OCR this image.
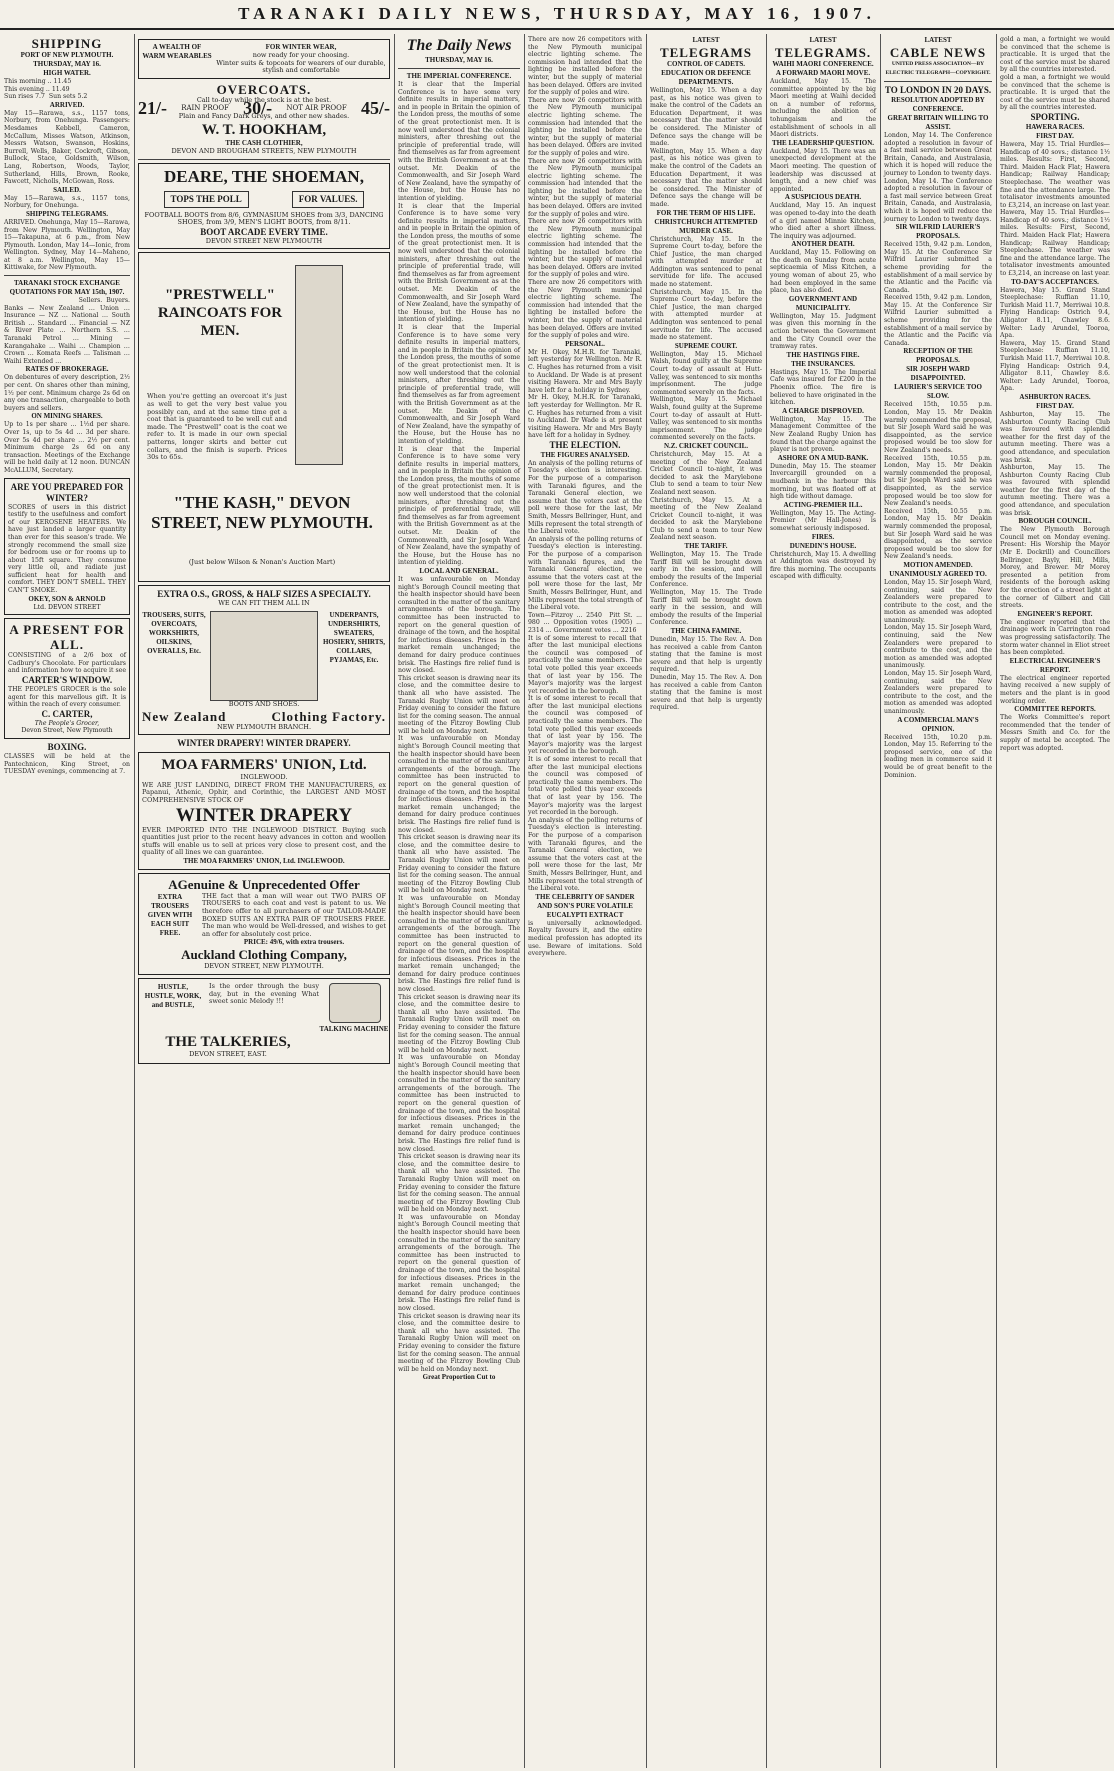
TARANAKI DAILY NEWS, THURSDAY, MAY 16, 1907.
SHIPPING
PORT OF NEW PLYMOUTH.
THURSDAY, MAY 16.
HIGH WATER.
This morning .. 11.45
This evening .. 11.49
Sun rises 7.7  Sun sets 5.2
ARRIVED.
May 15—Rarawa, s.s., 1157 tons, Norbury, from Onehunga. Passengers: Mesdames Kebbell, Cameron, McCallum, Misses Watson, Atkinson, Messrs Watson, Swanson, Hoskins, Burrell, Wells, Baker, Cockroft, Gibson, Bullock, Stace, Goldsmith, Wilson, Lang, Robertson, Woods, Taylor, Sutherland, Hills, Brown, Rooke, Fawcett, Nicholls, McGowan, Ross.
SAILED.
May 15—Rarawa, s.s., 1157 tons, Norbury, for Onehunga.
SHIPPING TELEGRAMS.
ARRIVED. Onehunga, May 15—Rarawa, from New Plymouth. Wellington, May 15—Takapuna, at 6 p.m., from New Plymouth. London, May 14—Ionic, from Wellington. Sydney, May 14—Maheno, at 8 a.m. Wellington, May 15—Kittiwake, for New Plymouth.
TARANAKI STOCK EXCHANGE
QUOTATIONS FOR MAY 15th, 1907.
Sellers.  Buyers.
Banks — New Zealand … Union … Insurance — NZ … National … South British … Standard … Financial — NZ & River Plate … Northern S.S. … Taranaki Petrol … Mining — Karangahake … Waihi … Champion … Crown … Komata Reefs … Talisman … Waihi Extended …
RATES OF BROKERAGE.
On debentures of every description, 2½ per cent. On shares other than mining, 1½ per cent. Minimum charge 2s 6d on any one transaction, chargeable to both buyers and sellers.
ON MINING SHARES.
Up to 1s per share … 1½d per share. Over 1s, up to 5s 4d … 3d per share. Over 5s 4d per share … 2½ per cent. Minimum charge 2s 6d on any transaction. Meetings of the Exchange will be held daily at 12 noon. DUNCAN McALLUM, Secretary.
ARE YOU PREPARED FOR WINTER?
SCORES of users in this district testify to the usefulness and comfort of our KEROSENE HEATERS. We have just landed a larger quantity than ever for this season's trade. We strongly recommend the small size for bedroom use or for rooms up to about 15ft square. They consume very little oil, and radiate just sufficient heat for health and comfort. THEY DON'T SMELL. THEY CAN'T SMOKE.
OKEY, SON & ARNOLD
Ltd. DEVON STREET
A PRESENT FOR ALL.
CONSISTING of a 2/6 box of Cadbury's Chocolate. For particulars and information how to acquire it see
CARTER'S WINDOW.
THE PEOPLE'S GROCER is the sole agent for this marvellous gift. It is within the reach of every consumer.
C. CARTER,
The People's Grocer,
Devon Street, New Plymouth
BOXING.
CLASSES will be held at the Pantechnicon, King Street, on TUESDAY evenings, commencing at 7.
A WEALTH OF WARM WEARABLES
FOR WINTER WEAR,
now ready for your choosing.
Winter suits & topcoats for wearers of our durable, stylish and comfortable
OVERCOATS.
Call to-day while the stock is at the best.
21/- RAIN PROOF 30/- NOT AIR PROOF 45/-
Plain and Fancy Dark Greys, and other new shades.
W. T. HOOKHAM,
THE CASH CLOTHIER,
DEVON AND BROUGHAM STREETS, NEW PLYMOUTH
DEARE, THE SHOEMAN,
TOPS THE POLL	FOR VALUES.
FOOTBALL BOOTS from 8/6, GYMNASIUM SHOES from 3/3, DANCING SHOES, from 3/9, MEN'S LIGHT BOOTS, from 8/11.
BOOT ARCADE EVERY TIME.
DEVON STREET NEW PLYMOUTH
"PRESTWELL" RAINCOATS FOR MEN.
When you're getting an overcoat it's just as well to get the very best value you possibly can, and at the same time get a coat that is guaranteed to be well cut and made. The "Prestwell" coat is the coat we refer to. It is made in our own special patterns, longer skirts and better cut collars, and the finish is superb. Prices 30s to 65s.
"THE KASH," DEVON STREET, NEW PLYMOUTH.
(Just below Wilson & Nonan's Auction Mart)
EXTRA O.S., GROSS, & HALF SIZES A SPECIALTY.
WE CAN FIT THEM ALL IN
TROUSERS, SUITS, OVERCOATS, WORKSHIRTS, OILSKINS, OVERALLS, Etc.
UNDERPANTS, UNDERSHIRTS, SWEATERS, HOSIERY, SHIRTS, COLLARS, PYJAMAS, Etc.
BOOTS AND SHOES.
New Zealand	Clothing Factory.
NEW PLYMOUTH BRANCH.
WINTER DRAPERY! WINTER DRAPERY.
MOA FARMERS' UNION, Ltd.
INGLEWOOD.
WE ARE JUST LANDING, DIRECT FROM THE MANUFACTURERS, ex Papanui, Athenic, Ophir, and Corinthic, the LARGEST AND MOST COMPREHENSIVE STOCK OF
WINTER DRAPERY
EVER IMPORTED INTO THE INGLEWOOD DISTRICT. Buying such quantities just prior to the recent heavy advances in cotton and woollen stuffs will enable us to sell at prices very close to present cost, and the quality of all lines we can guarantee.
THE MOA FARMERS' UNION, Ltd. INGLEWOOD.
AGenuine & Unprecedented Offer
EXTRA TROUSERS GIVEN WITH EACH SUIT FREE.
THE fact that a man will wear out TWO PAIRS OF TROUSERS to each coat and vest is patent to us. We therefore offer to all purchasers of our TAILOR-MADE BOXED SUITS AN EXTRA PAIR OF TROUSERS FREE. The man who would be Well-dressed, and wishes to get an offer for absolutely cost price.
PRICE: 49/6, with extra trousers.
Auckland Clothing Company,
DEVON STREET, NEW PLYMOUTH.
HUSTLE, HUSTLE, WORK, and BUSTLE,
Is the order through the busy day, but in the evening What sweet sonic Melody !!!
TALKING MACHINE
THE TALKERIES,
DEVON STREET, EAST.
The Daily News
THURSDAY, MAY 16.
THE IMPERIAL CONFERENCE.
It is clear that the Imperial Conference is to have some very definite results in imperial matters, and in people in Britain the opinion of the London press, the mouths of some of the great protectionist men. It is now well understood that the colonial ministers, after threshing out the principle of preferential trade, will find themselves as far from agreement with the British Government as at the outset. Mr. Deakin of the Commonwealth, and Sir Joseph Ward of New Zealand, have the sympathy of the House, but the House has no intention of yielding.
It is clear that the Imperial Conference is to have some very definite results in imperial matters, and in people in Britain the opinion of the London press, the mouths of some of the great protectionist men. It is now well understood that the colonial ministers, after threshing out the principle of preferential trade, will find themselves as far from agreement with the British Government as at the outset. Mr. Deakin of the Commonwealth, and Sir Joseph Ward of New Zealand, have the sympathy of the House, but the House has no intention of yielding.
It is clear that the Imperial Conference is to have some very definite results in imperial matters, and in people in Britain the opinion of the London press, the mouths of some of the great protectionist men. It is now well understood that the colonial ministers, after threshing out the principle of preferential trade, will find themselves as far from agreement with the British Government as at the outset. Mr. Deakin of the Commonwealth, and Sir Joseph Ward of New Zealand, have the sympathy of the House, but the House has no intention of yielding.
It is clear that the Imperial Conference is to have some very definite results in imperial matters, and in people in Britain the opinion of the London press, the mouths of some of the great protectionist men. It is now well understood that the colonial ministers, after threshing out the principle of preferential trade, will find themselves as far from agreement with the British Government as at the outset. Mr. Deakin of the Commonwealth, and Sir Joseph Ward of New Zealand, have the sympathy of the House, but the House has no intention of yielding.
LOCAL AND GENERAL.
It was unfavourable on Monday night's Borough Council meeting that the health inspector should have been consulted in the matter of the sanitary arrangements of the borough. The committee has been instructed to report on the general question of drainage of the town, and the hospital for infectious diseases. Prices in the market remain unchanged; the demand for dairy produce continues brisk. The Hastings fire relief fund is now closed.
This cricket season is drawing near its close, and the committee desire to thank all who have assisted. The Taranaki Rugby Union will meet on Friday evening to consider the fixture list for the coming season. The annual meeting of the Fitzroy Bowling Club will be held on Monday next.
It was unfavourable on Monday night's Borough Council meeting that the health inspector should have been consulted in the matter of the sanitary arrangements of the borough. The committee has been instructed to report on the general question of drainage of the town, and the hospital for infectious diseases. Prices in the market remain unchanged; the demand for dairy produce continues brisk. The Hastings fire relief fund is now closed.
This cricket season is drawing near its close, and the committee desire to thank all who have assisted. The Taranaki Rugby Union will meet on Friday evening to consider the fixture list for the coming season. The annual meeting of the Fitzroy Bowling Club will be held on Monday next.
It was unfavourable on Monday night's Borough Council meeting that the health inspector should have been consulted in the matter of the sanitary arrangements of the borough. The committee has been instructed to report on the general question of drainage of the town, and the hospital for infectious diseases. Prices in the market remain unchanged; the demand for dairy produce continues brisk. The Hastings fire relief fund is now closed.
This cricket season is drawing near its close, and the committee desire to thank all who have assisted. The Taranaki Rugby Union will meet on Friday evening to consider the fixture list for the coming season. The annual meeting of the Fitzroy Bowling Club will be held on Monday next.
It was unfavourable on Monday night's Borough Council meeting that the health inspector should have been consulted in the matter of the sanitary arrangements of the borough. The committee has been instructed to report on the general question of drainage of the town, and the hospital for infectious diseases. Prices in the market remain unchanged; the demand for dairy produce continues brisk. The Hastings fire relief fund is now closed.
This cricket season is drawing near its close, and the committee desire to thank all who have assisted. The Taranaki Rugby Union will meet on Friday evening to consider the fixture list for the coming season. The annual meeting of the Fitzroy Bowling Club will be held on Monday next.
It was unfavourable on Monday night's Borough Council meeting that the health inspector should have been consulted in the matter of the sanitary arrangements of the borough. The committee has been instructed to report on the general question of drainage of the town, and the hospital for infectious diseases. Prices in the market remain unchanged; the demand for dairy produce continues brisk. The Hastings fire relief fund is now closed.
This cricket season is drawing near its close, and the committee desire to thank all who have assisted. The Taranaki Rugby Union will meet on Friday evening to consider the fixture list for the coming season. The annual meeting of the Fitzroy Bowling Club will be held on Monday next.
Great Proportion Cut to
There are now 26 competitors with the New Plymouth municipal electric lighting scheme. The commission had intended that the lighting be installed before the winter, but the supply of material has been delayed. Offers are invited for the supply of poles and wire.
There are now 26 competitors with the New Plymouth municipal electric lighting scheme. The commission had intended that the lighting be installed before the winter, but the supply of material has been delayed. Offers are invited for the supply of poles and wire.
There are now 26 competitors with the New Plymouth municipal electric lighting scheme. The commission had intended that the lighting be installed before the winter, but the supply of material has been delayed. Offers are invited for the supply of poles and wire.
There are now 26 competitors with the New Plymouth municipal electric lighting scheme. The commission had intended that the lighting be installed before the winter, but the supply of material has been delayed. Offers are invited for the supply of poles and wire.
There are now 26 competitors with the New Plymouth municipal electric lighting scheme. The commission had intended that the lighting be installed before the winter, but the supply of material has been delayed. Offers are invited for the supply of poles and wire.
PERSONAL.
Mr H. Okey, M.H.R. for Taranaki, left yesterday for Wellington. Mr R. C. Hughes has returned from a visit to Auckland. Dr Wade is at present visiting Hawera. Mr and Mrs Bayly have left for a holiday in Sydney.
Mr H. Okey, M.H.R. for Taranaki, left yesterday for Wellington. Mr R. C. Hughes has returned from a visit to Auckland. Dr Wade is at present visiting Hawera. Mr and Mrs Bayly have left for a holiday in Sydney.
THE ELECTION.
THE FIGURES ANALYSED.
An analysis of the polling returns of Tuesday's election is interesting. For the purpose of a comparison with Taranaki figures, and the Taranaki General election, we assume that the voters cast at the poll were those for the last, Mr Smith, Messrs Bellringer, Hunt, and Mills represent the total strength of the Liberal vote.
An analysis of the polling returns of Tuesday's election is interesting. For the purpose of a comparison with Taranaki figures, and the Taranaki General election, we assume that the voters cast at the poll were those for the last, Mr Smith, Messrs Bellringer, Hunt, and Mills represent the total strength of the Liberal vote.
Town—Fitzroy ... 2540  Pitt St. ... 980 ... Opposition votes (1905) ... 2314 ... Government votes ... 2216
It is of some interest to recall that after the last municipal elections the council was composed of practically the same members. The total vote polled this year exceeds that of last year by 156. The Mayor's majority was the largest yet recorded in the borough.
It is of some interest to recall that after the last municipal elections the council was composed of practically the same members. The total vote polled this year exceeds that of last year by 156. The Mayor's majority was the largest yet recorded in the borough.
It is of some interest to recall that after the last municipal elections the council was composed of practically the same members. The total vote polled this year exceeds that of last year by 156. The Mayor's majority was the largest yet recorded in the borough.
An analysis of the polling returns of Tuesday's election is interesting. For the purpose of a comparison with Taranaki figures, and the Taranaki General election, we assume that the voters cast at the poll were those for the last, Mr Smith, Messrs Bellringer, Hunt, and Mills represent the total strength of the Liberal vote.
THE CELEBRITY OF SANDER AND SON'S PURE VOLATILE EUCALYPTI EXTRACT
is universally acknowledged. Royalty favours it, and the entire medical profession has adopted its use. Beware of imitations. Sold everywhere.
LATEST
TELEGRAMS
CONTROL OF CADETS.
EDUCATION OR DEFENCE DEPARTMENTS.
Wellington, May 15. When a day past, as his notice was given to make the control of the Cadets an Education Department, it was necessary that the matter should be considered. The Minister of Defence says the change will be made.
Wellington, May 15. When a day past, as his notice was given to make the control of the Cadets an Education Department, it was necessary that the matter should be considered. The Minister of Defence says the change will be made.
FOR THE TERM OF HIS LIFE.
CHRISTCHURCH ATTEMPTED MURDER CASE.
Christchurch, May 15. In the Supreme Court to-day, before the Chief Justice, the man charged with attempted murder at Addington was sentenced to penal servitude for life. The accused made no statement.
Christchurch, May 15. In the Supreme Court to-day, before the Chief Justice, the man charged with attempted murder at Addington was sentenced to penal servitude for life. The accused made no statement.
SUPREME COURT.
Wellington, May 15. Michael Walsh, found guilty at the Supreme Court to-day of assault at Hutt-Valley, was sentenced to six months imprisonment. The judge commented severely on the facts.
Wellington, May 15. Michael Walsh, found guilty at the Supreme Court to-day of assault at Hutt-Valley, was sentenced to six months imprisonment. The judge commented severely on the facts.
N.Z. CRICKET COUNCIL.
Christchurch, May 15. At a meeting of the New Zealand Cricket Council to-night, it was decided to ask the Marylebone Club to send a team to tour New Zealand next season.
Christchurch, May 15. At a meeting of the New Zealand Cricket Council to-night, it was decided to ask the Marylebone Club to send a team to tour New Zealand next season.
THE TARIFF.
Wellington, May 15. The Trade Tariff Bill will be brought down early in the session, and will embody the results of the Imperial Conference.
Wellington, May 15. The Trade Tariff Bill will be brought down early in the session, and will embody the results of the Imperial Conference.
THE CHINA FAMINE.
Dunedin, May 15. The Rev. A. Don has received a cable from Canton stating that the famine is most severe and that help is urgently required.
Dunedin, May 15. The Rev. A. Don has received a cable from Canton stating that the famine is most severe and that help is urgently required.
LATEST
TELEGRAMS.
WAIHI MAORI CONFERENCE.
A FORWARD MAORI MOVE.
Auckland, May 15. The committee appointed by the big Maori meeting at Waihi decided on a number of reforms, including the abolition of tohungaism and the establishment of schools in all Maori districts.
THE LEADERSHIP QUESTION.
Auckland, May 15. There was an unexpected development at the Maori meeting. The question of leadership was discussed at length, and a new chief was appointed.
A SUSPICIOUS DEATH.
Auckland, May 15. An inquest was opened to-day into the death of a girl named Minnie Kitchen, who died after a short illness. The inquiry was adjourned.
ANOTHER DEATH.
Auckland, May 15. Following on the death on Sunday from acute septicaemia of Miss Kitchen, a young woman of about 25, who had been employed in the same place, has also died.
GOVERNMENT AND MUNICIPALITY.
Wellington, May 15. Judgment was given this morning in the action between the Government and the City Council over the tramway rates.
THE HASTINGS FIRE.
THE INSURANCES.
Hastings, May 15. The Imperial Cafe was insured for £200 in the Phoenix office. The fire is believed to have originated in the kitchen.
A CHARGE DISPROVED.
Wellington, May 15. The Management Committee of the New Zealand Rugby Union has found that the charge against the player is not proven.
ASHORE ON A MUD-BANK.
Dunedin, May 15. The steamer Invercargill grounded on a mudbank in the harbour this morning, but was floated off at high tide without damage.
ACTING-PREMIER ILL.
Wellington, May 15. The Acting-Premier (Mr Hall-Jones) is somewhat seriously indisposed.
FIRES.
DUNEDIN'S HOUSE.
Christchurch, May 15. A dwelling at Addington was destroyed by fire this morning. The occupants escaped with difficulty.
LATEST
CABLE NEWS
UNITED PRESS ASSOCIATION—BY ELECTRIC TELEGRAPH—COPYRIGHT.
TO LONDON IN 20 DAYS.
RESOLUTION ADOPTED BY CONFERENCE.
GREAT BRITAIN WILLING TO ASSIST.
London, May 14. The Conference adopted a resolution in favour of a fast mail service between Great Britain, Canada, and Australasia, which it is hoped will reduce the journey to London to twenty days.
London, May 14. The Conference adopted a resolution in favour of a fast mail service between Great Britain, Canada, and Australasia, which it is hoped will reduce the journey to London to twenty days.
SIR WILFRID LAURIER'S PROPOSALS.
Received 15th, 9.42 p.m. London, May 15. At the Conference Sir Wilfrid Laurier submitted a scheme providing for the establishment of a mail service by the Atlantic and the Pacific via Canada.
Received 15th, 9.42 p.m. London, May 15. At the Conference Sir Wilfrid Laurier submitted a scheme providing for the establishment of a mail service by the Atlantic and the Pacific via Canada.
RECEPTION OF THE PROPOSALS.
SIR JOSEPH WARD DISAPPOINTED.
LAURIER'S SERVICE TOO SLOW.
Received 15th, 10.55 p.m. London, May 15. Mr Deakin warmly commended the proposal, but Sir Joseph Ward said he was disappointed, as the service proposed would be too slow for New Zealand's needs.
Received 15th, 10.55 p.m. London, May 15. Mr Deakin warmly commended the proposal, but Sir Joseph Ward said he was disappointed, as the service proposed would be too slow for New Zealand's needs.
Received 15th, 10.55 p.m. London, May 15. Mr Deakin warmly commended the proposal, but Sir Joseph Ward said he was disappointed, as the service proposed would be too slow for New Zealand's needs.
MOTION AMENDED.
UNANIMOUSLY AGREED TO.
London, May 15. Sir Joseph Ward, continuing, said the New Zealanders were prepared to contribute to the cost, and the motion as amended was adopted unanimously.
London, May 15. Sir Joseph Ward, continuing, said the New Zealanders were prepared to contribute to the cost, and the motion as amended was adopted unanimously.
London, May 15. Sir Joseph Ward, continuing, said the New Zealanders were prepared to contribute to the cost, and the motion as amended was adopted unanimously.
A COMMERCIAL MAN'S OPINION.
Received 15th, 10.20 p.m. London, May 15. Referring to the proposed service, one of the leading men in commerce said it would be of great benefit to the Dominion.
gold a man, a fortnight we would be convinced that the scheme is practicable. It is urged that the cost of the service must be shared by all the countries interested.
gold a man, a fortnight we would be convinced that the scheme is practicable. It is urged that the cost of the service must be shared by all the countries interested.
SPORTING.
HAWERA RACES.
FIRST DAY.
Hawera, May 15. Trial Hurdles—Handicap of 40 sovs.; distance 1½ miles. Results: First, Second, Third. Maiden Hack Flat; Hawera Handicap; Railway Handicap; Steeplechase. The weather was fine and the attendance large. The totalisator investments amounted to £3,214, an increase on last year.
Hawera, May 15. Trial Hurdles—Handicap of 40 sovs.; distance 1½ miles. Results: First, Second, Third. Maiden Hack Flat; Hawera Handicap; Railway Handicap; Steeplechase. The weather was fine and the attendance large. The totalisator investments amounted to £3,214, an increase on last year.
TO-DAY'S ACCEPTANCES.
Hawera, May 15. Grand Stand Steeplechase: Ruffian 11.10, Turkish Maid 11.7, Merriwai 10.8. Flying Handicap: Ostrich 9.4, Alligator 8.11, Chawley 8.6. Welter: Lady Arundel, Tooroa, Apa.
Hawera, May 15. Grand Stand Steeplechase: Ruffian 11.10, Turkish Maid 11.7, Merriwai 10.8. Flying Handicap: Ostrich 9.4, Alligator 8.11, Chawley 8.6. Welter: Lady Arundel, Tooroa, Apa.
ASHBURTON RACES.
FIRST DAY.
Ashburton, May 15. The Ashburton County Racing Club was favoured with splendid weather for the first day of the autumn meeting. There was a good attendance, and speculation was brisk.
Ashburton, May 15. The Ashburton County Racing Club was favoured with splendid weather for the first day of the autumn meeting. There was a good attendance, and speculation was brisk.
BOROUGH COUNCIL.
The New Plymouth Borough Council met on Monday evening. Present: His Worship the Mayor (Mr E. Dockrill) and Councillors Bellringer, Bayly, Hill, Mills, Morey, and Brewer. Mr Morey presented a petition from residents of the borough asking for the erection of a street light at the corner of Gilbert and Gill streets.
ENGINEER'S REPORT.
The engineer reported that the drainage work in Carrington road was progressing satisfactorily. The storm water channel in Eliot street has been completed.
ELECTRICAL ENGINEER'S REPORT.
The electrical engineer reported having received a new supply of meters and the plant is in good working order.
COMMITTEE REPORTS.
The Works Committee's report recommended that the tender of Messrs Smith and Co. for the supply of metal be accepted. The report was adopted.
